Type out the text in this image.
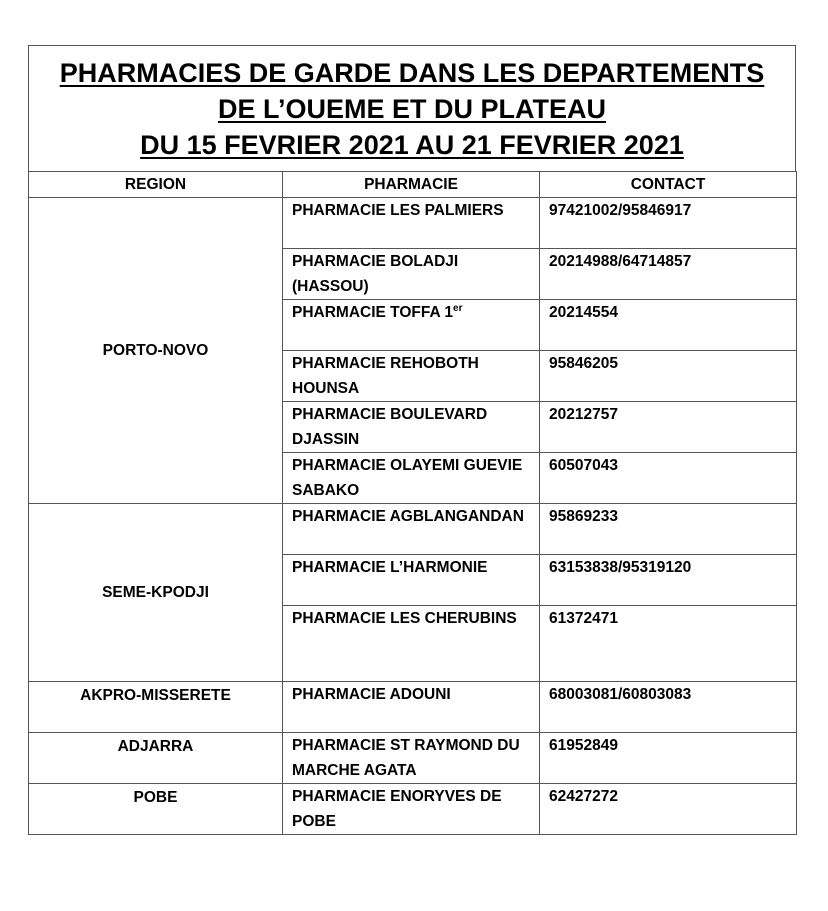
PHARMACIES DE GARDE DANS LES DEPARTEMENTS
DE L’OUEME ET DU PLATEAU
DU 15 FEVRIER 2021 AU 21 FEVRIER 2021
REGION	PHARMACIE	CONTACT
PORTO-NOVO	PHARMACIE LES PALMIERS	97421002/95846917
	PHARMACIE BOLADJI (HASSOU)	20214988/64714857
	PHARMACIE TOFFA 1er	20214554
	PHARMACIE REHOBOTH HOUNSA	95846205
	PHARMACIE BOULEVARD DJASSIN	20212757
	PHARMACIE OLAYEMI GUEVIE SABAKO	60507043
SEME-KPODJI	PHARMACIE AGBLANGANDAN	95869233
	PHARMACIE L’HARMONIE	63153838/95319120
	PHARMACIE LES CHERUBINS	61372471
AKPRO-MISSERETE	PHARMACIE ADOUNI	68003081/60803083
ADJARRA	PHARMACIE ST RAYMOND DU MARCHE AGATA	61952849
POBE	PHARMACIE ENORYVES DE POBE	62427272
